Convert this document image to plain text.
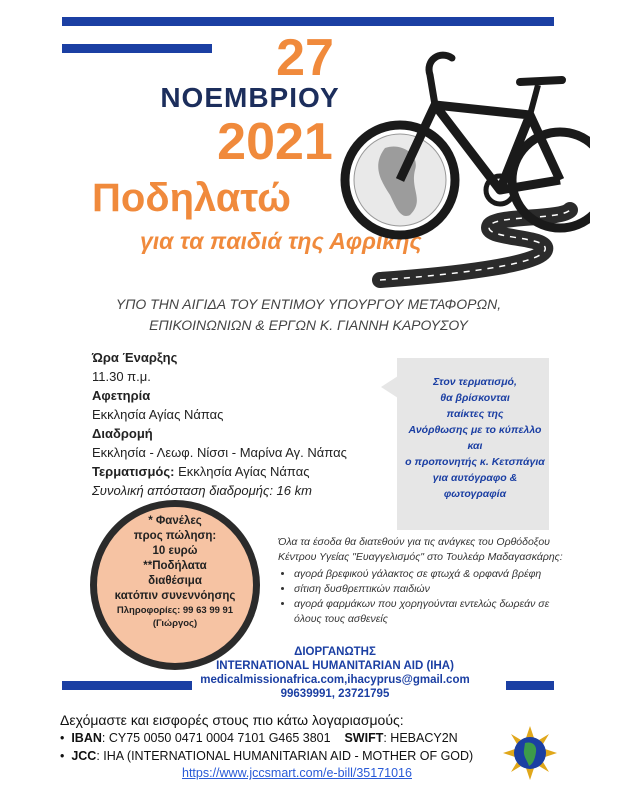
27
ΝΟΕΜΒΡΙΟΥ
2021
Ποδηλατώ
για τα παιδιά της Αφρικής
ΥΠΟ ΤΗΝ ΑΙΓΙΔΑ ΤΟΥ ΕΝΤΙΜΟΥ ΥΠΟΥΡΓΟΥ ΜΕΤΑΦΟΡΩΝ,
ΕΠΙΚΟΙΝΩΝΙΩΝ & ΕΡΓΩΝ Κ. ΓΙΑΝΝΗ ΚΑΡΟΥΣΟΥ
Ώρα Έναρξης
11.30 π.μ.
Αφετηρία
Εκκλησία Αγίας Νάπας
Διαδρομή
Εκκλησία - Λεωφ. Νίσσι - Μαρίνα Αγ. Νάπας
Τερματισμός: Εκκλησία Αγίας Νάπας
Συνολική απόσταση διαδρομής: 16 km
Στον τερματισμό,
θα βρίσκονται
παίκτες της
Ανόρθωσης με το κύπελλο και
ο προπονητής κ. Κετσπάγια
για αυτόγραφο &
φωτογραφία
* Φανέλες
προς πώληση:
10 ευρώ
**Ποδήλατα
διαθέσιμα
κατόπιν συνεννόησης
Πληροφορίες: 99 63 99 91
(Γιώργος)
Όλα τα έσοδα θα διατεθούν για τις ανάγκες του Ορθόδοξου Κέντρου Υγείας "Ευαγγελισμός" στο Τουλεάρ Μαδαγασκάρης:
• αγορά βρεφικού γάλακτος σε φτωχά & ορφανά βρέφη
• σίτιση δυσθρεπτικών παιδιών
• αγορά φαρμάκων που χορηγούνται εντελώς δωρεάν σε όλους τους ασθενείς
ΔΙΟΡΓΑΝΩΤΗΣ
INTERNATIONAL HUMANITARIAN AID (IHA)
medicalmissionafrica.com,ihacyprus@gmail.com
99639991, 23721795
Δεχόμαστε και εισφορές στους πιο κάτω λογαριασμούς:
•  IBAN: CY75 0050 0471 0004 7101 G465 3801 SWIFT: HEBACY2N
•  JCC: IHA (INTERNATIONAL HUMANITARIAN AID - MOTHER OF GOD)
https://www.jccsmart.com/e-bill/35171016
